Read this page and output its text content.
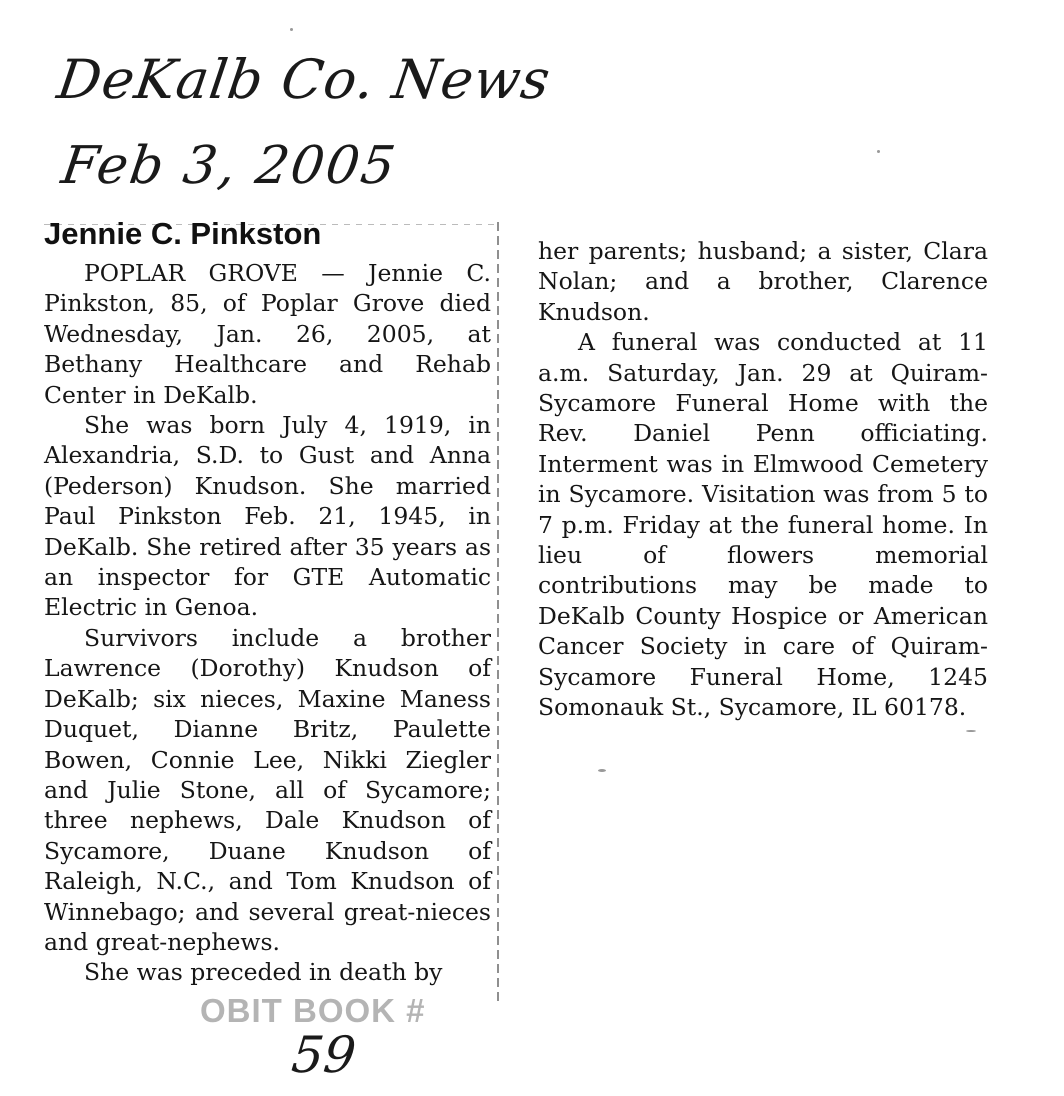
DeKalb Co. News
Feb 3, 2005
Jennie C. Pinkston

POPLAR GROVE — Jennie C. Pinkston, 85, of Poplar Grove died Wednesday, Jan. 26, 2005, at Bethany Healthcare and Rehab Center in DeKalb.

She was born July 4, 1919, in Alexandria, S.D. to Gust and Anna (Pederson) Knudson. She married Paul Pinkston Feb. 21, 1945, in DeKalb. She retired after 35 years as an inspector for GTE Automatic Electric in Genoa.

Survivors include a brother Lawrence (Dorothy) Knudson of DeKalb; six nieces, Maxine Maness Duquet, Dianne Britz, Paulette Bowen, Connie Lee, Nikki Ziegler and Julie Stone, all of Sycamore; three nephews, Dale Knudson of Sycamore, Duane Knudson of Raleigh, N.C., and Tom Knudson of Winnebago; and several great-nieces and great-nephews.

She was preceded in death by

her parents; husband; a sister, Clara Nolan; and a brother, Clarence Knudson.

A funeral was conducted at 11 a.m. Saturday, Jan. 29 at Quiram-Sycamore Funeral Home with the Rev. Daniel Penn officiating. Interment was in Elmwood Cemetery in Sycamore. Visitation was from 5 to 7 p.m. Friday at the funeral home. In lieu of flowers memorial contributions may be made to DeKalb County Hospice or American Cancer Society in care of Quiram-Sycamore Funeral Home, 1245 Somonauk St., Sycamore, IL 60178.

OBIT BOOK #
59
